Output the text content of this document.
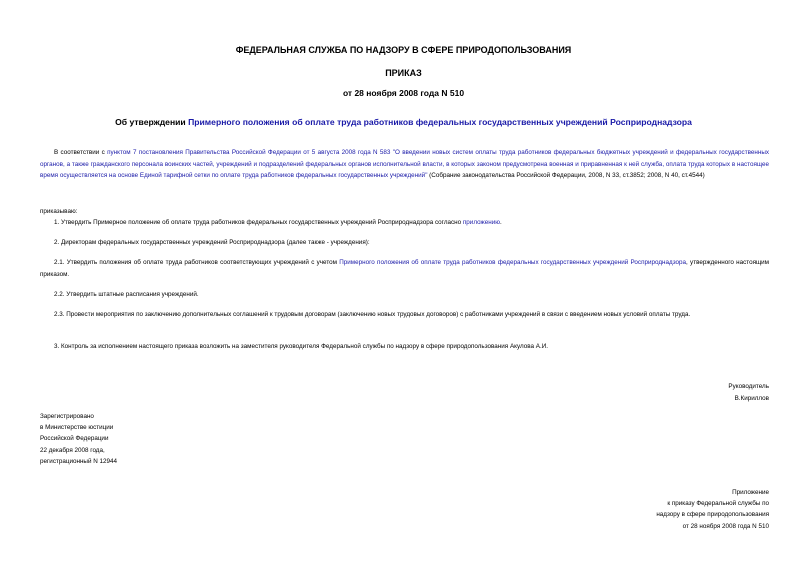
ФЕДЕРАЛЬНАЯ СЛУЖБА ПО НАДЗОРУ В СФЕРЕ ПРИРОДОПОЛЬЗОВАНИЯ
ПРИКАЗ
от 28 ноября 2008 года N 510
Об утверждении Примерного положения об оплате труда работников федеральных государственных учреждений Росприроднадзора
В соответствии с пунктом 7 постановления Правительства Российской Федерации от 5 августа 2008 года N 583 "О введении новых систем оплаты труда работников федеральных бюджетных учреждений и федеральных государственных органов, а также гражданского персонала воинских частей, учреждений и подразделений федеральных органов исполнительной власти, в которых законом предусмотрена военная и приравненная к ней служба, оплата труда которых в настоящее время осуществляется на основе Единой тарифной сетки по оплате труда работников федеральных государственных учреждений" (Собрание законодательства Российской Федерации, 2008, N 33, ст.3852; 2008, N 40, ст.4544)
приказываю:
1. Утвердить Примерное положение об оплате труда работников федеральных государственных учреждений Росприроднадзора согласно приложению.
2. Директорам федеральных государственных учреждений Росприроднадзора (далее также - учреждения):
2.1. Утвердить положения об оплате труда работников соответствующих учреждений с учетом Примерного положения об оплате труда работников федеральных государственных учреждений Росприроднадзора, утвержденного настоящим приказом.
2.2. Утвердить штатные расписания учреждений.
2.3. Провести мероприятия по заключению дополнительных соглашений к трудовым договорам (заключению новых трудовых договоров) с работниками учреждений в связи с введением новых условий оплаты труда.
3. Контроль за исполнением настоящего приказа возложить на заместителя руководителя Федеральной службы по надзору в сфере природопользования Акулова А.И.
Руководитель
В.Кириллов
Зарегистрировано
в Министерстве юстиции
Российской Федерации
22 декабря 2008 года,
регистрационный N 12944
Приложение
к приказу Федеральной службы по
надзору в сфере природопользования
от 28 ноября 2008 года N 510
